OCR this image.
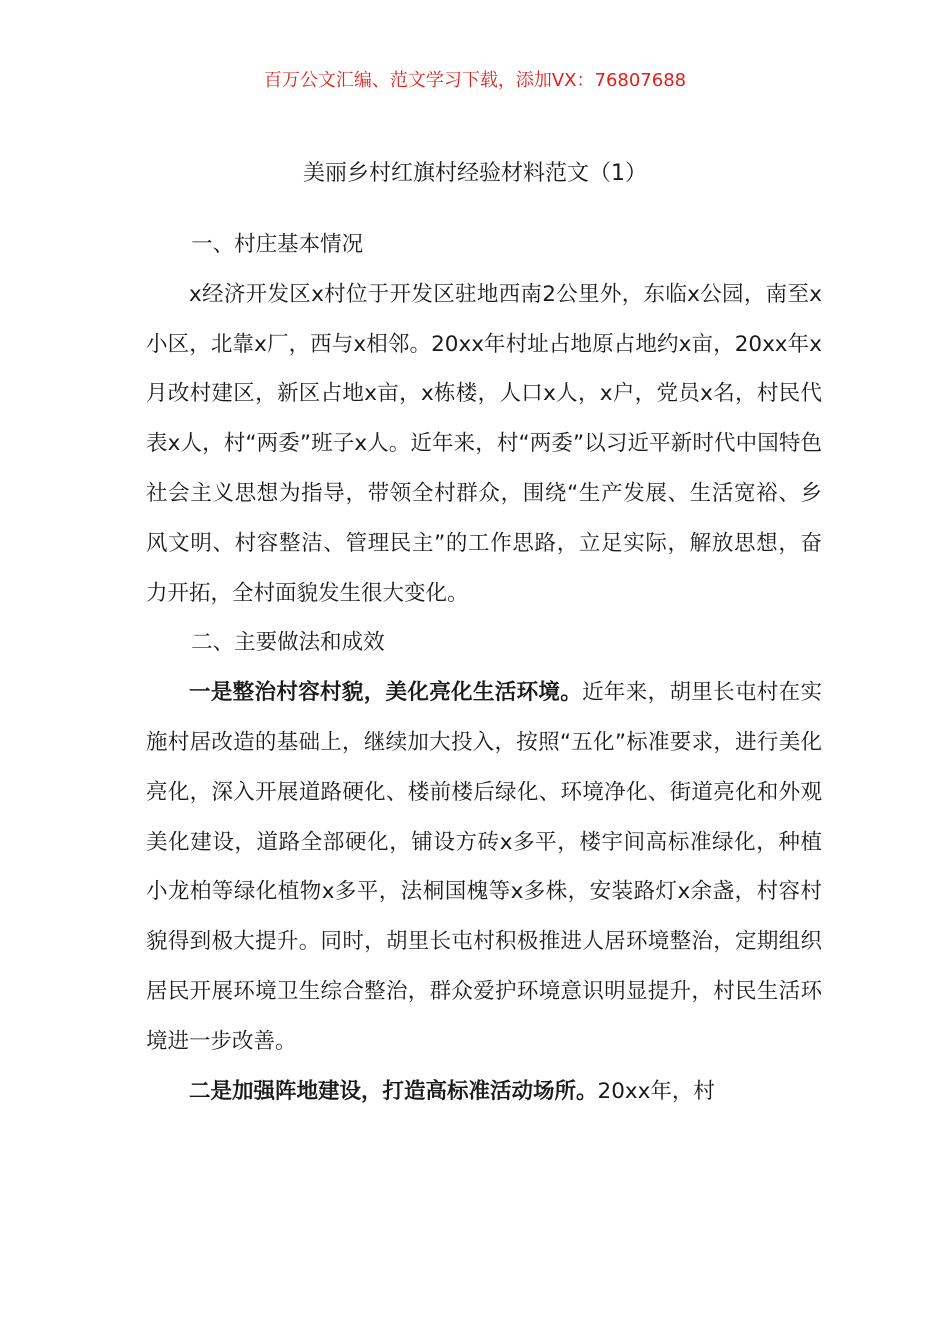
百万公文汇编、范文学习下载，添加VX：76807688
美丽乡村红旗村经验材料范文（1）

一、村庄基本情况

x经济开发区x村位于开发区驻地西南2公里外，东临x公园，南至x小区，北靠x厂，西与x相邻。20xx年村址占地原占地约x亩，20xx年x月改村建区，新区占地x亩，x栋楼，人口x人，x户，党员x名，村民代表x人，村“两委”班子x人。近年来，村“两委”以习近平新时代中国特色社会主义思想为指导，带领全村群众，围绕“生产发展、生活宽裕、乡风文明、村容整洁、管理民主”的工作思路，立足实际，解放思想，奋力开拓，全村面貌发生很大变化。

二、主要做法和成效

一是整治村容村貌，美化亮化生活环境。近年来，胡里长屯村在实施村居改造的基础上，继续加大投入，按照“五化”标准要求，进行美化亮化，深入开展道路硬化、楼前楼后绿化、环境净化、街道亮化和外观美化建设，道路全部硬化，铺设方砖x多平，楼宇间高标准绿化，种植小龙柏等绿化植物x多平，法桐国槐等x多株，安装路灯x余盏，村容村貌得到极大提升。同时，胡里长屯村积极推进人居环境整治，定期组织居民开展环境卫生综合整治，群众爱护环境意识明显提升，村民生活环境进一步改善。

二是加强阵地建设，打造高标准活动场所。20xx年，村
